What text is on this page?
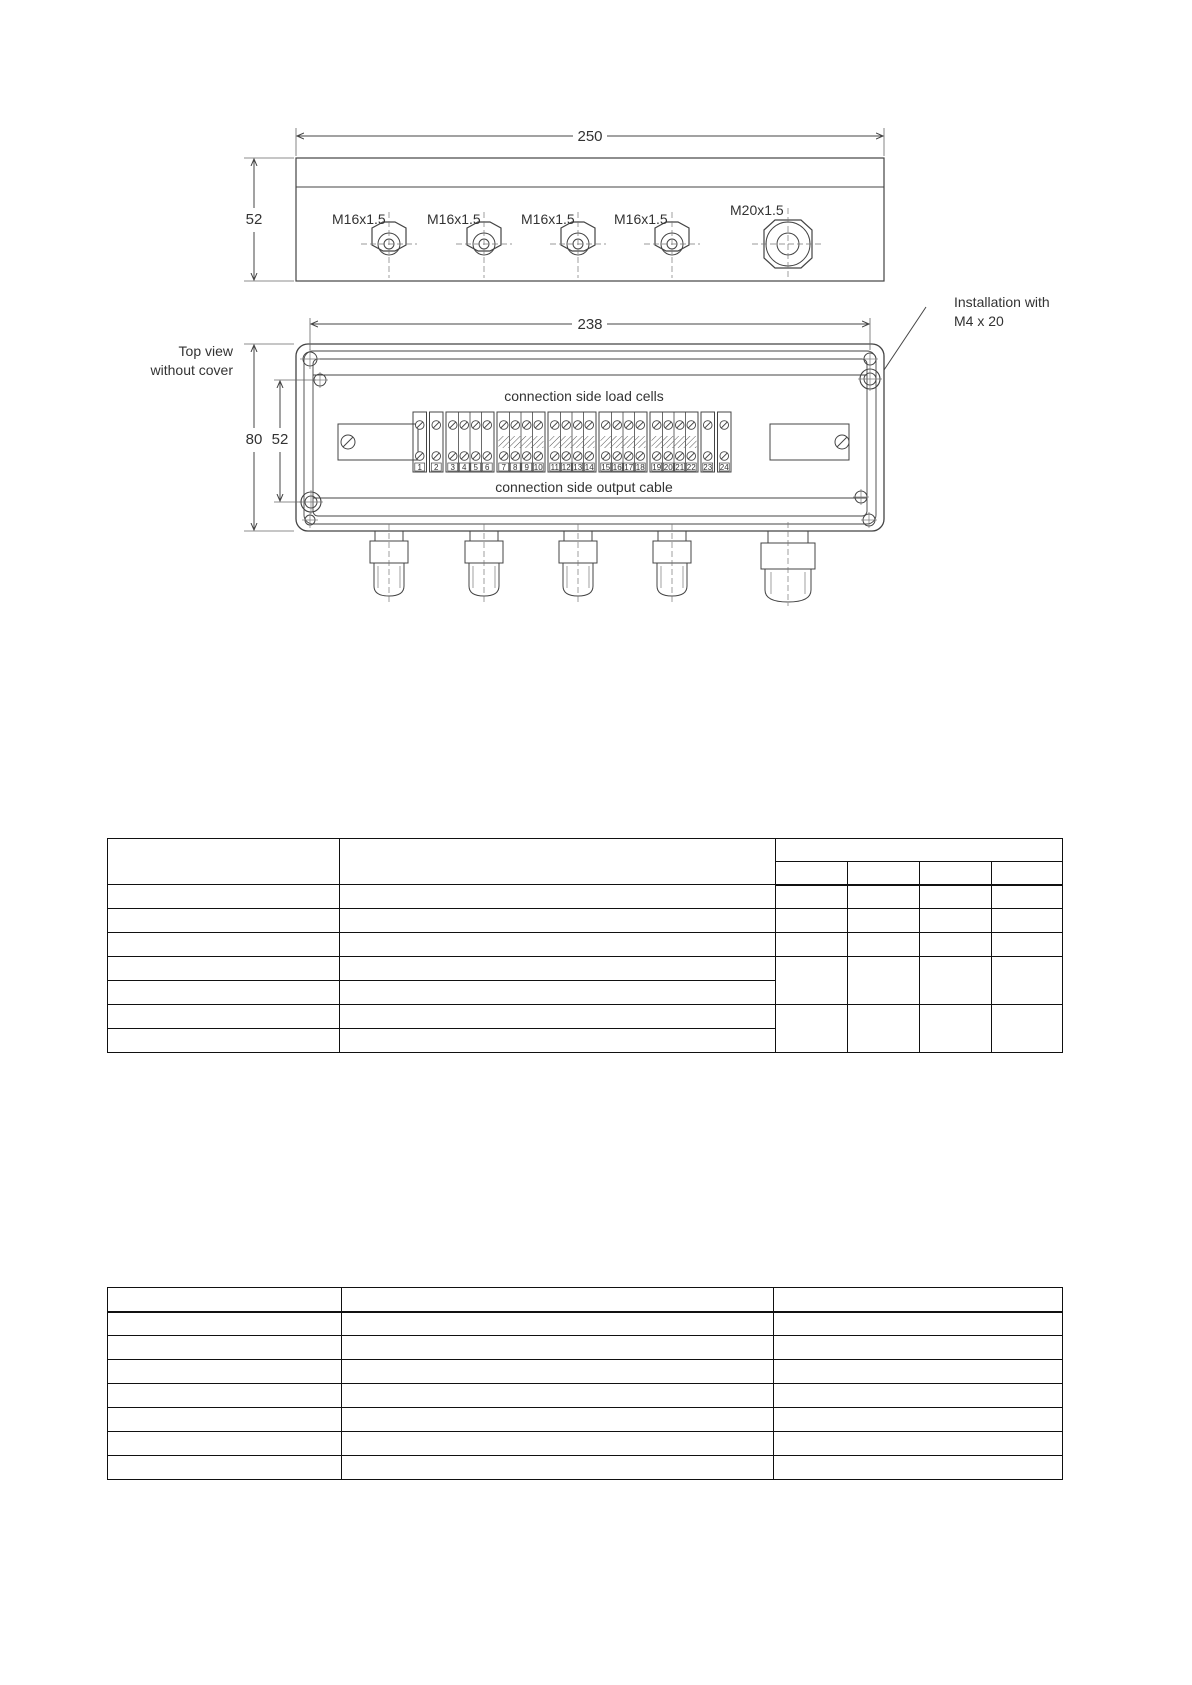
250
52	M16x1.5	M16x1.5	M16x1.5	M16x1.5
M20x1.5
Top view
without cover
238
80 52
Installation with
M4 x 20
connection side load cells
connection side output cable
1 2 3 4 5 6 7 8 9 10 11 12 13 14 15 16 17 18 19 20 21 22 23 24
